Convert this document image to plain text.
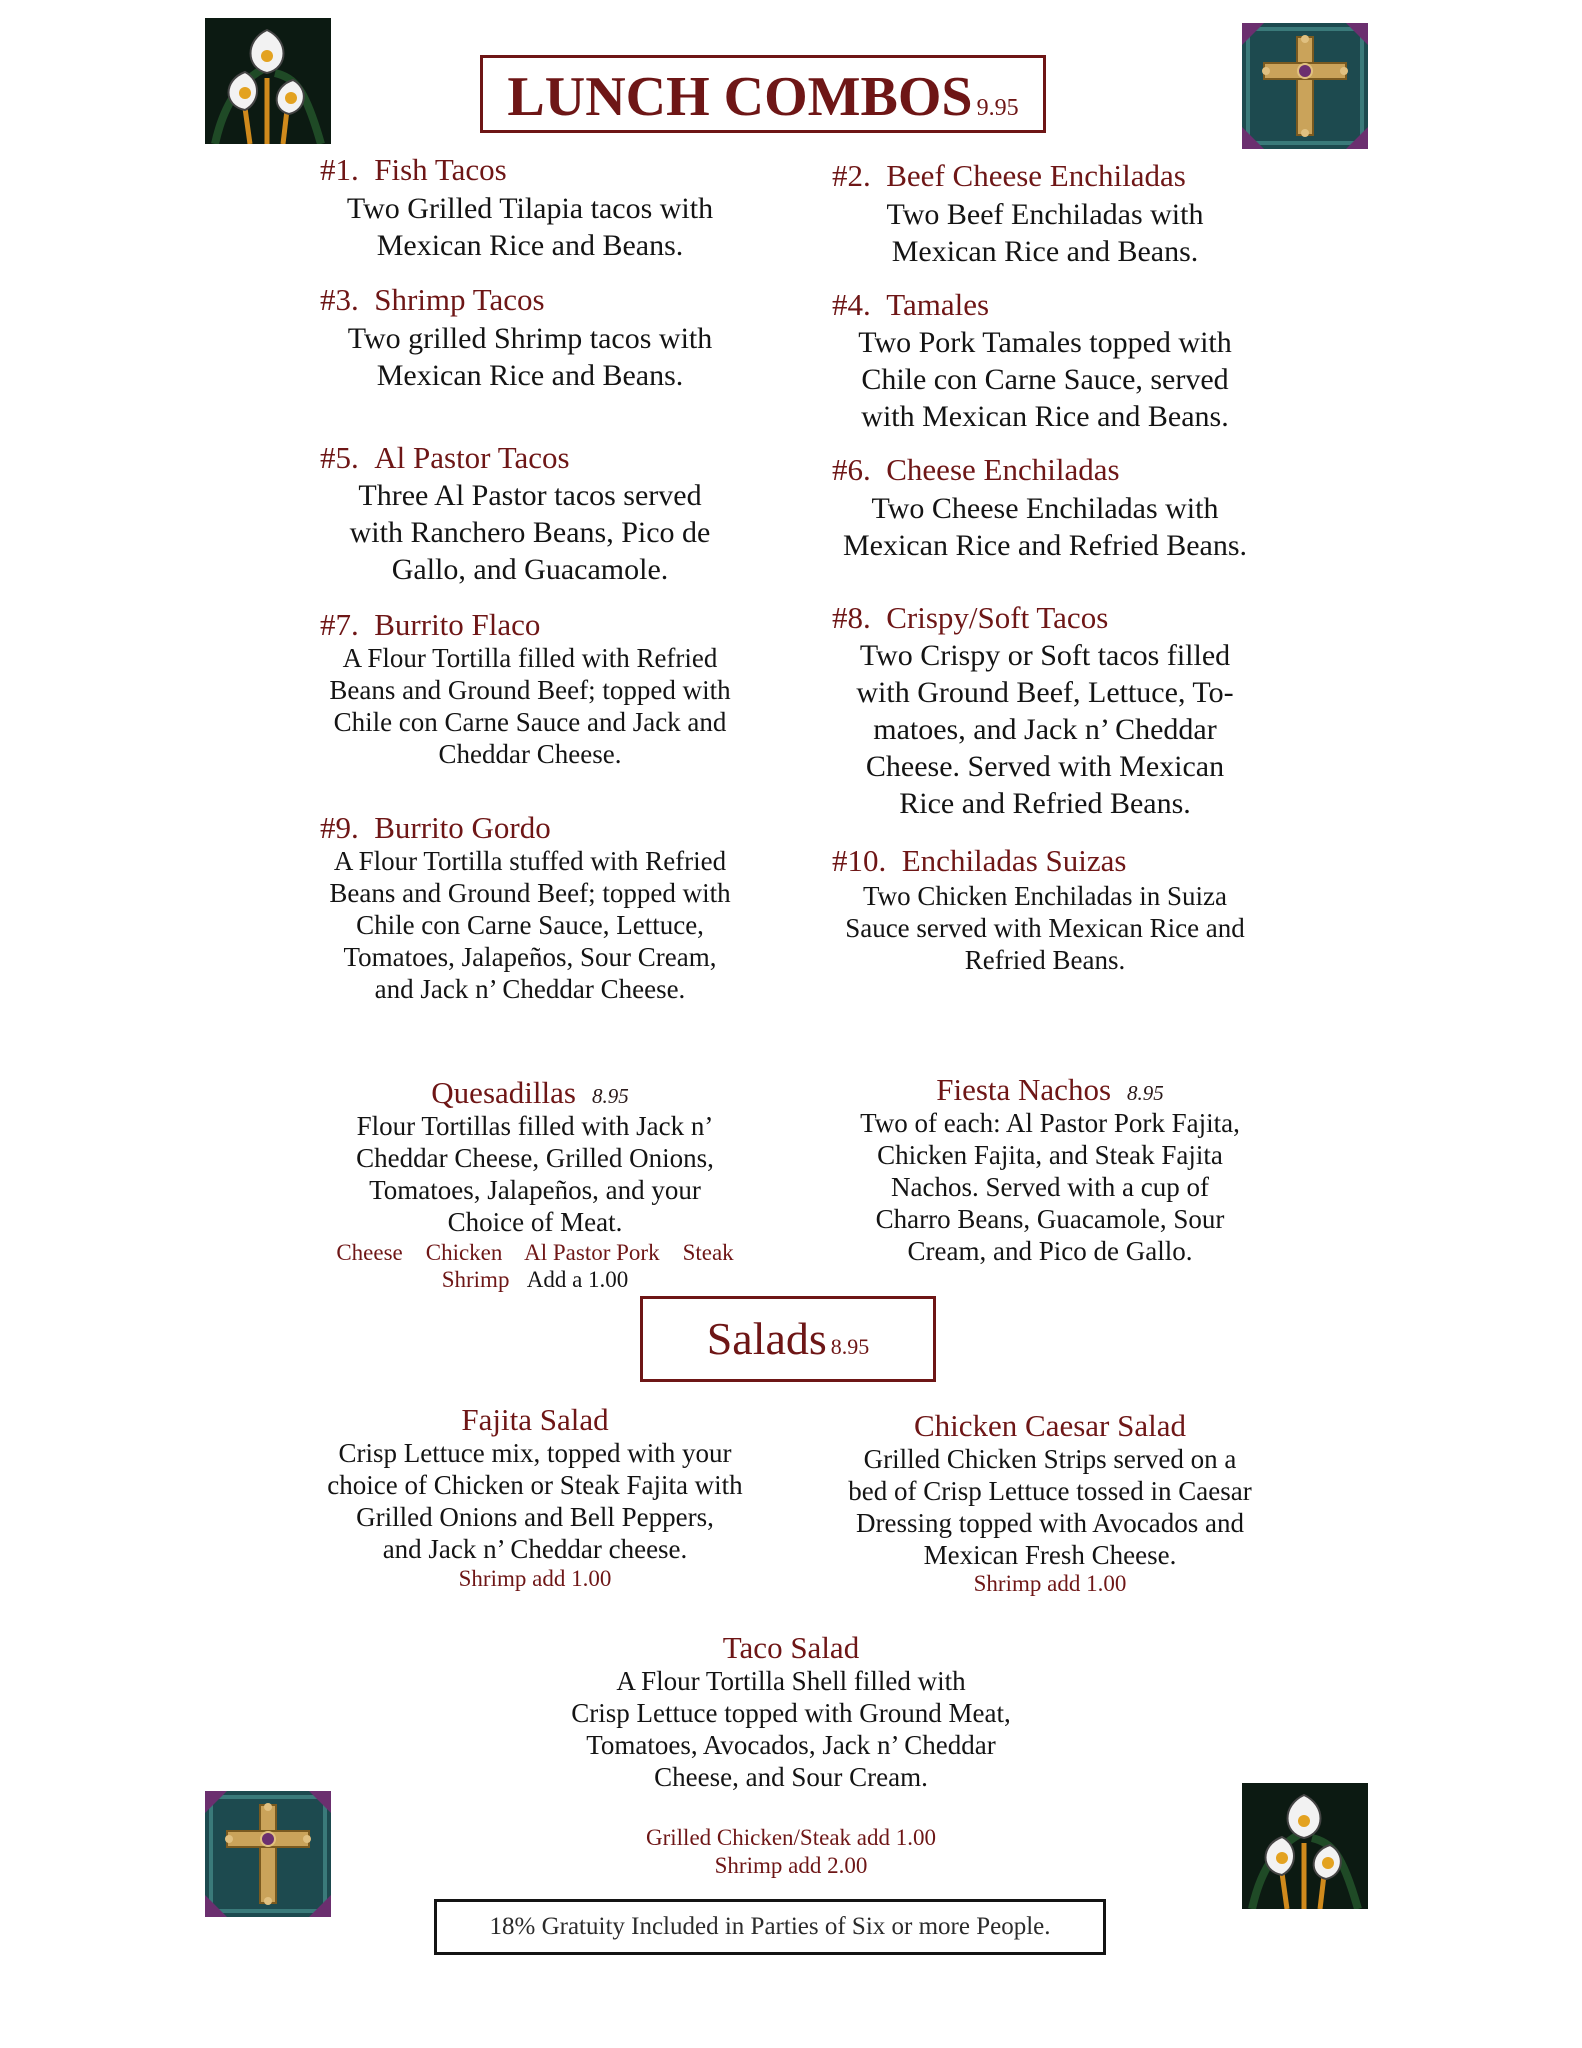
LUNCH COMBOS 9.95
#1. Fish Tacos
Two Grilled Tilapia tacos with
Mexican Rice and Beans.
#3. Shrimp Tacos
Two grilled Shrimp tacos with
Mexican Rice and Beans.
#5. Al Pastor Tacos
Three Al Pastor tacos served
with Ranchero Beans, Pico de
Gallo, and Guacamole.
#7. Burrito Flaco
A Flour Tortilla filled with Refried
Beans and Ground Beef; topped with
Chile con Carne Sauce and Jack and
Cheddar Cheese.
#9. Burrito Gordo
A Flour Tortilla stuffed with Refried
Beans and Ground Beef; topped with
Chile con Carne Sauce, Lettuce,
Tomatoes, Jalapeños, Sour Cream,
and Jack n’ Cheddar Cheese.
#2. Beef Cheese Enchiladas
Two Beef Enchiladas with
Mexican Rice and Beans.
#4. Tamales
Two Pork Tamales topped with
Chile con Carne Sauce, served
with Mexican Rice and Beans.
#6. Cheese Enchiladas
Two Cheese Enchiladas with
Mexican Rice and Refried Beans.
#8. Crispy/Soft Tacos
Two Crispy or Soft tacos filled
with Ground Beef, Lettuce, To-
matoes, and Jack n’ Cheddar
Cheese. Served with Mexican
Rice and Refried Beans.
#10. Enchiladas Suizas
Two Chicken Enchiladas in Suiza
Sauce served with Mexican Rice and
Refried Beans.
Quesadillas 8.95
Flour Tortillas filled with Jack n’
Cheddar Cheese, Grilled Onions,
Tomatoes, Jalapeños, and your
Choice of Meat.
Cheese Chicken Al Pastor Pork Steak
Shrimp Add a 1.00
Fiesta Nachos 8.95
Two of each: Al Pastor Pork Fajita,
Chicken Fajita, and Steak Fajita
Nachos. Served with a cup of
Charro Beans, Guacamole, Sour
Cream, and Pico de Gallo.
Salads 8.95
Fajita Salad
Crisp Lettuce mix, topped with your
choice of Chicken or Steak Fajita with
Grilled Onions and Bell Peppers,
and Jack n’ Cheddar cheese.
Shrimp add 1.00
Chicken Caesar Salad
Grilled Chicken Strips served on a
bed of Crisp Lettuce tossed in Caesar
Dressing topped with Avocados and
Mexican Fresh Cheese.
Shrimp add 1.00
Taco Salad
A Flour Tortilla Shell filled with
Crisp Lettuce topped with Ground Meat,
Tomatoes, Avocados, Jack n’ Cheddar
Cheese, and Sour Cream.
Grilled Chicken/Steak add 1.00
Shrimp add 2.00
18% Gratuity Included in Parties of Six or more People.
